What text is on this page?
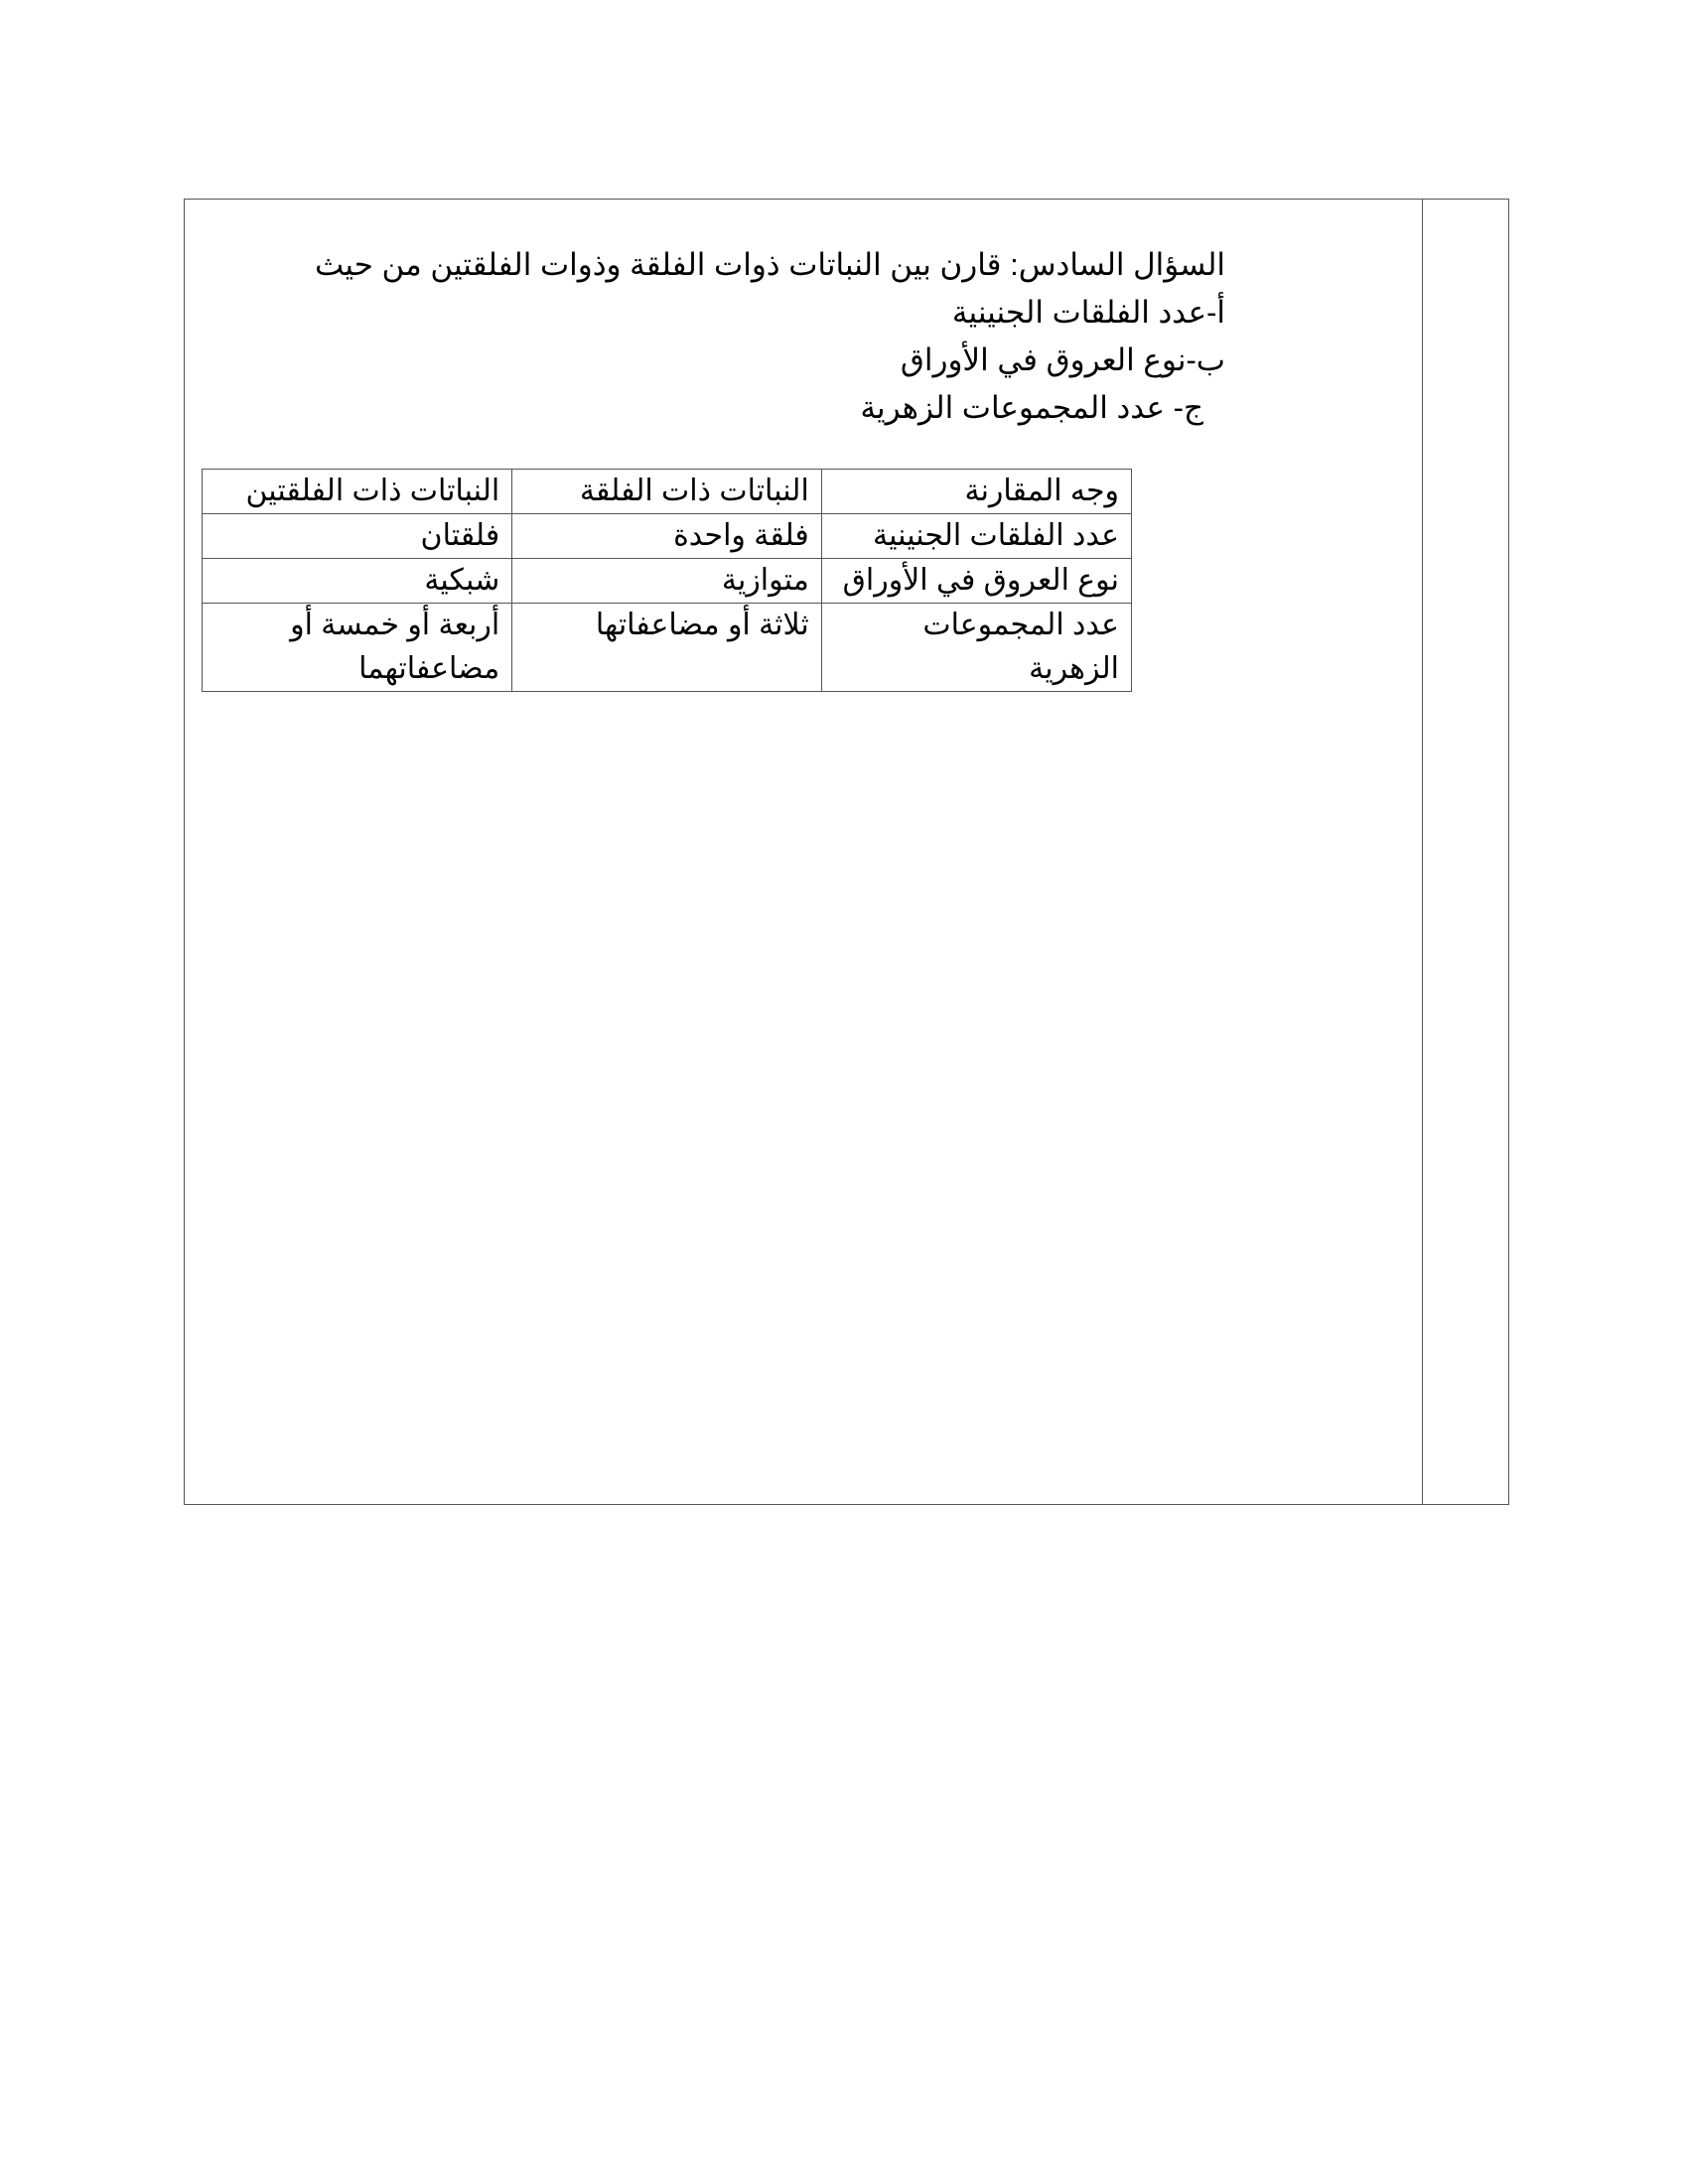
السؤال السادس: قارن بين النباتات ذوات الفلقة وذوات الفلقتين من حيث
أ-عدد الفلقات الجنينية
ب-نوع العروق في الأوراق
ج- عدد المجموعات الزهرية
وجه المقارنة	النباتات ذات الفلقة	النباتات ذات الفلقتين
عدد الفلقات الجنينية	فلقة واحدة	فلقتان
نوع العروق في الأوراق	متوازية	شبكية
عدد المجموعات الزهرية	ثلاثة أو مضاعفاتها	أربعة أو خمسة أو مضاعفاتهما
